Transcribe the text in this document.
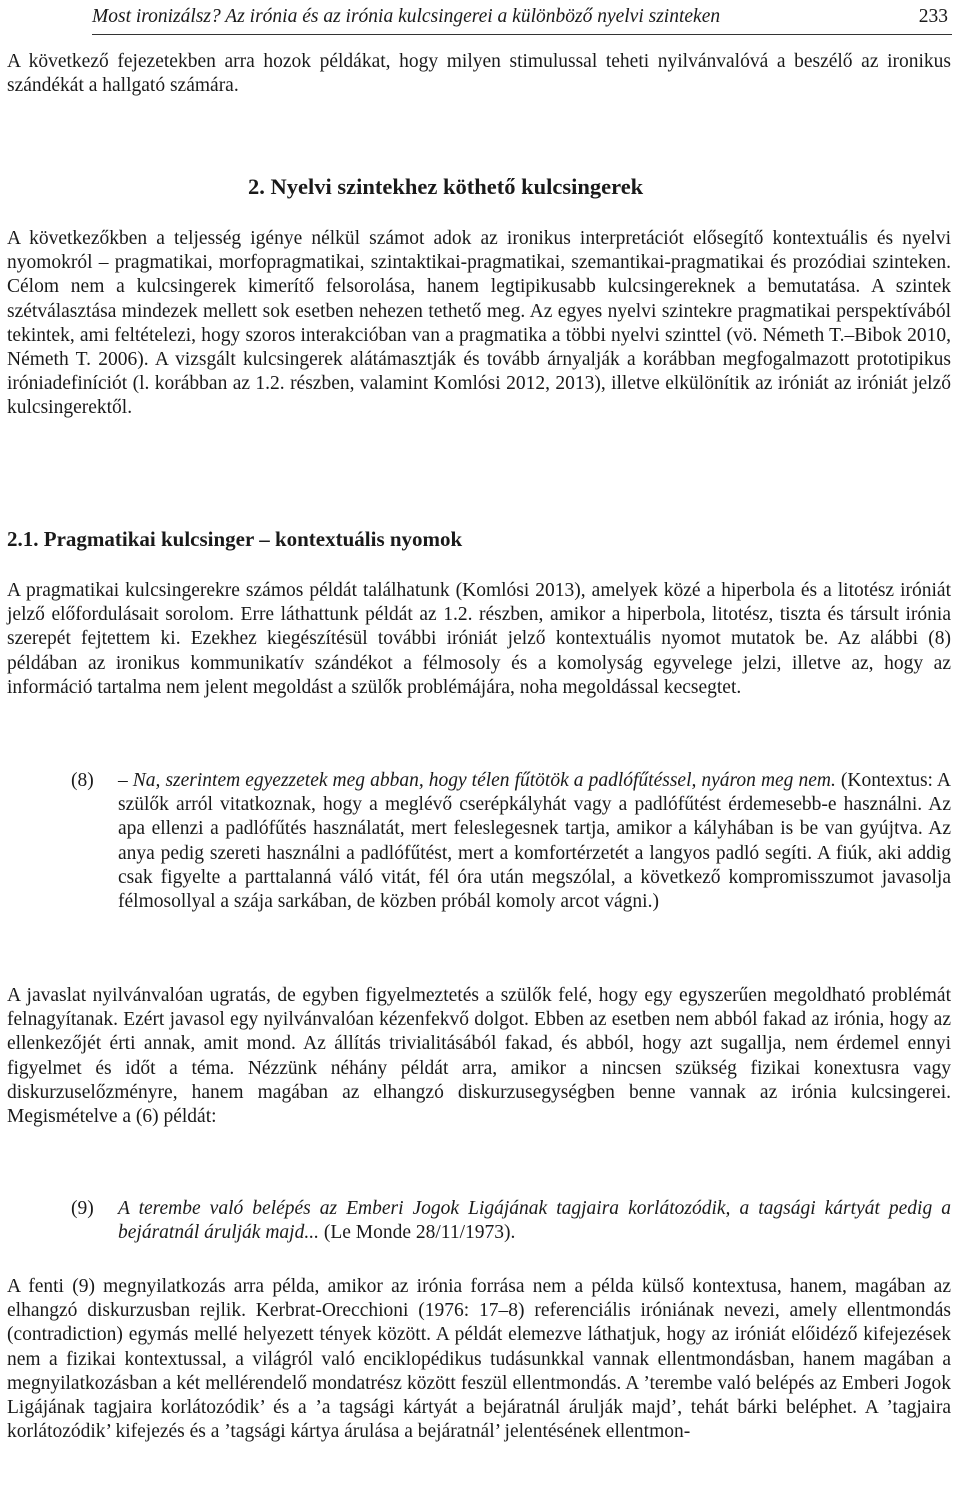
Most ironizálsz? Az irónia és az irónia kulcsingerei a különböző nyelvi szinteken	233

A következő fejezetekben arra hozok példákat, hogy milyen stimulussal teheti nyilvánvalóvá a beszélő az ironikus szándékát a hallgató számára.

2. Nyelvi szintekhez köthető kulcsingerek

A következőkben a teljesség igénye nélkül számot adok az ironikus interpretációt elősegítő kontextuális és nyelvi nyomokról – pragmatikai, morfopragmatikai, szintaktikai-pragmatikai, szemantikai-pragmatikai és prozódiai szinteken. Célom nem a kulcsingerek kimerítő felsorolása, hanem legtipikusabb kulcsingereknek a bemutatása. A szintek szétválasztása mindezek mellett sok esetben nehezen tethető meg. Az egyes nyelvi szintekre pragmatikai perspektívából tekintek, ami feltételezi, hogy szoros interakcióban van a pragmatika a többi nyelvi szinttel (vö. Németh T.–Bibok 2010, Németh T. 2006). A vizsgált kulcsingerek alátámasztják és tovább árnyalják a korábban megfogalmazott prototipikus iróniadefiníciót (l. korábban az 1.2. részben, valamint Komlósi 2012, 2013), illetve elkülönítik az iróniát az iróniát jelző kulcsingerektől.

2.1. Pragmatikai kulcsinger – kontextuális nyomok

A pragmatikai kulcsingerekre számos példát találhatunk (Komlósi 2013), amelyek közé a hiperbola és a litotész iróniát jelző előfordulásait sorolom. Erre láthattunk példát az 1.2. részben, amikor a hiperbola, litotész, tiszta és társult irónia szerepét fejtettem ki. Ezekhez kiegészítésül további iróniát jelző kontextuális nyomot mutatok be. Az alábbi (8) példában az ironikus kommunikatív szándékot a félmosoly és a komolyság egyvelege jelzi, illetve az, hogy az információ tartalma nem jelent megoldást a szülők problémájára, noha megoldással kecsegtet.

(8) – Na, szerintem egyezzetek meg abban, hogy télen fűtötök a padlófűtéssel, nyáron meg nem. (Kontextus: A szülők arról vitatkoznak, hogy a meglévő cserépkályhát vagy a padlófűtést érdemesebb-e használni. Az apa ellenzi a padlófűtés használatát, mert feleslegesnek tartja, amikor a kályhában is be van gyújtva. Az anya pedig szereti használni a padlófűtést, mert a komfortérzetét a langyos padló segíti. A fiúk, aki addig csak figyelte a parttalanná váló vitát, fél óra után megszólal, a következő kompromisszumot javasolja félmosollyal a szája sarkában, de közben próbál komoly arcot vágni.)

A javaslat nyilvánvalóan ugratás, de egyben figyelmeztetés a szülők felé, hogy egy egyszerűen megoldható problémát felnagyítanak. Ezért javasol egy nyilvánvalóan kézenfekvő dolgot. Ebben az esetben nem abból fakad az irónia, hogy az ellenkezőjét érti annak, amit mond. Az állítás trivialitásából fakad, és abból, hogy azt sugallja, nem érdemel ennyi figyelmet és időt a téma. Nézzünk néhány példát arra, amikor a nincsen szükség fizikai konextusra vagy diskurzuselőzményre, hanem magában az elhangzó diskurzusegységben benne vannak az irónia kulcsingerei. Megismételve a (6) példát:

(9) A terembe való belépés az Emberi Jogok Ligájának tagjaira korlátozódik, a tagsági kártyát pedig a bejáratnál árulják majd... (Le Monde 28/11/1973).

A fenti (9) megnyilatkozás arra példa, amikor az irónia forrása nem a példa külső kontextusa, hanem, magában az elhangzó diskurzusban rejlik. Kerbrat-Orecchioni (1976: 17–8) referenciális iróniának nevezi, amely ellentmondás (contradiction) egymás mellé helyezett tények között. A példát elemezve láthatjuk, hogy az iróniát előidéző kifejezések nem a fizikai kontextussal, a világról való enciklopédikus tudásunkkal vannak ellentmondásban, hanem magában a megnyilatkozásban a két mellérendelő mondatrész között feszül ellentmondás. A ’terembe való belépés az Emberi Jogok Ligájának tagjaira korlátozódik’ és a ’a tagsági kártyát a bejáratnál árulják majd’, tehát bárki beléphet. A ’tagjaira korlátozódik’ kifejezés és a ’tagsági kártya árulása a bejáratnál’ jelentésének ellentmon-
